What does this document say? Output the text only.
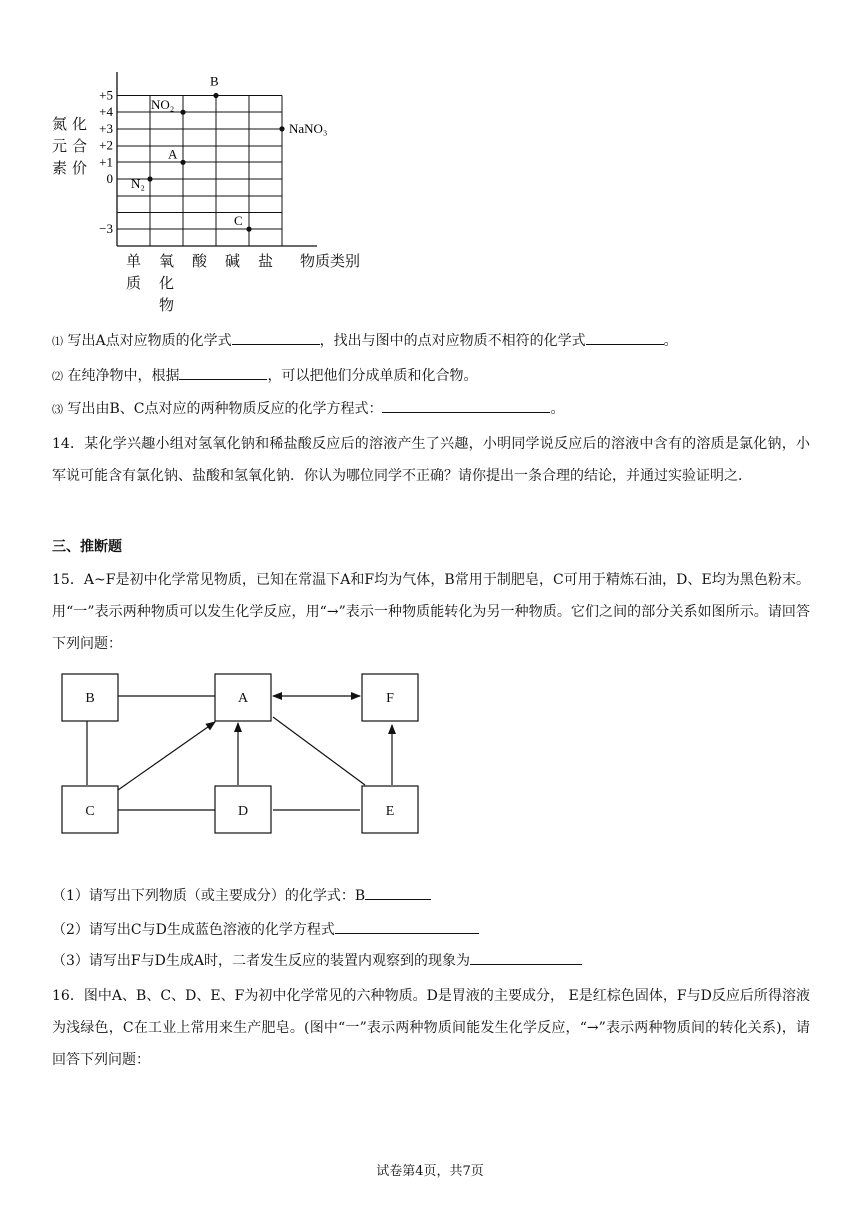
氮
元
素
化
合
价
+5
+4
+3
+2
+1
0
−3
N₂
A
NO₂
B
C
NaNO₃
单
质
氧
化
物
酸 碱 盐 物质类别
⑴ 写出A点对应物质的化学式	，找出与图中的点对应物质不相符的化学式	。
⑵ 在纯净物中，根据	，可以把他们分成单质和化合物。
⑶ 写出由B、C点对应的两种物质反应的化学方程式：	。
14．某化学兴趣小组对氢氧化钠和稀盐酸反应后的溶液产生了兴趣，小明同学说反应后的溶液中含有的溶质是氯化钠，小军说可能含有氯化钠、盐酸和氢氧化钠．你认为哪位同学不正确？请你提出一条合理的结论，并通过实验证明之．
三、推断题
15．A~F是初中化学常见物质，已知在常温下A和F均为气体，B常用于制肥皂，C可用于精炼石油，D、E均为黑色粉末。用“一”表示两种物质可以发生化学反应，用“→”表示一种物质能转化为另一种物质。它们之间的部分关系如图所示。请回答下列问题：
B	A	F
C	D	E
（1）请写出下列物质（或主要成分）的化学式：B
（2）请写出C与D生成蓝色溶液的化学方程式
（3）请写出F与D生成A时，二者发生反应的装置内观察到的现象为
16．图中A、B、C、D、E、F为初中化学常见的六种物质。D是胃液的主要成分， E是红棕色固体，F与D反应后所得溶液为浅绿色，C在工业上常用来生产肥皂。(图中“一”表示两种物质间能发生化学反应，“→”表示两种物质间的转化关系)，请回答下列问题：
试卷第4页，共7页
